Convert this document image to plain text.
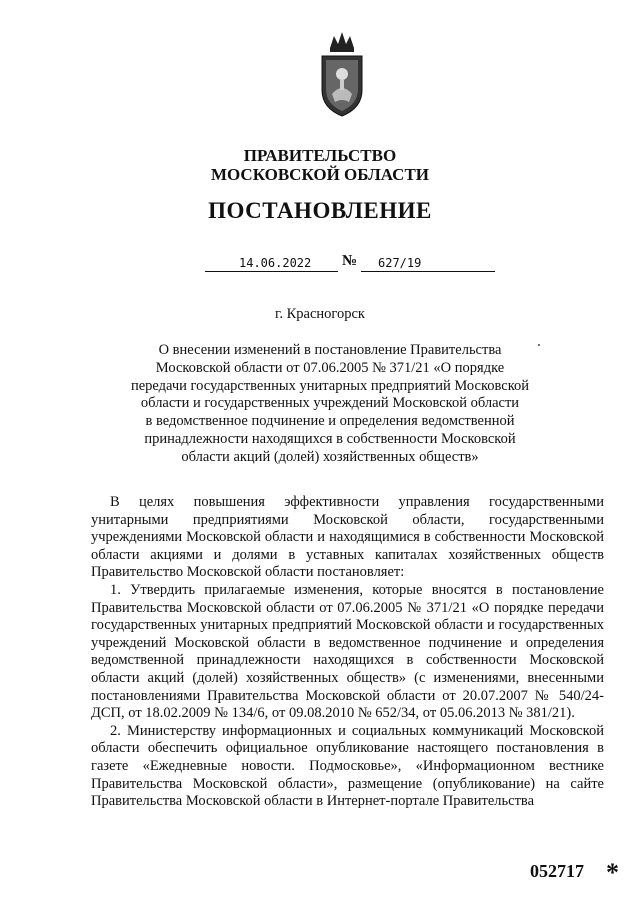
ПРАВИТЕЛЬСТВО
МОСКОВСКОЙ ОБЛАСТИ
ПОСТАНОВЛЕНИЕ
14.06.2022 № 627/19
г. Красногорск
О внесении изменений в постановление Правительства
Московской области от 07.06.2005 № 371/21 «О порядке
передачи государственных унитарных предприятий Московской
области и государственных учреждений Московской области
в ведомственное подчинение и определения ведомственной
принадлежности находящихся в собственности Московской
области акций (долей) хозяйственных обществ»

В целях повышения эффективности управления государственными унитарными предприятиями Московской области, государственными учреждениями Московской области и находящимися в собственности Московской области акциями и долями в уставных капиталах хозяйственных обществ Правительство Московской области постановляет:

1. Утвердить прилагаемые изменения, которые вносятся в постановление Правительства Московской области от 07.06.2005 № 371/21 «О порядке передачи государственных унитарных предприятий Московской области и государственных учреждений Московской области в ведомственное подчинение и определения ведомственной принадлежности находящихся в собственности Московской области акций (долей) хозяйственных обществ» (с изменениями, внесенными постановлениями Правительства Московской области от 20.07.2007 № 540/24-ДСП, от 18.02.2009 № 134/6, от 09.08.2010 № 652/34, от 05.06.2013 № 381/21).

2. Министерству информационных и социальных коммуникаций Московской области обеспечить официальное опубликование настоящего постановления в газете «Ежедневные новости. Подмосковье», «Информационном вестнике Правительства Московской области», размещение (опубликование) на сайте Правительства Московской области в Интернет-портале Правительства

052717 *
